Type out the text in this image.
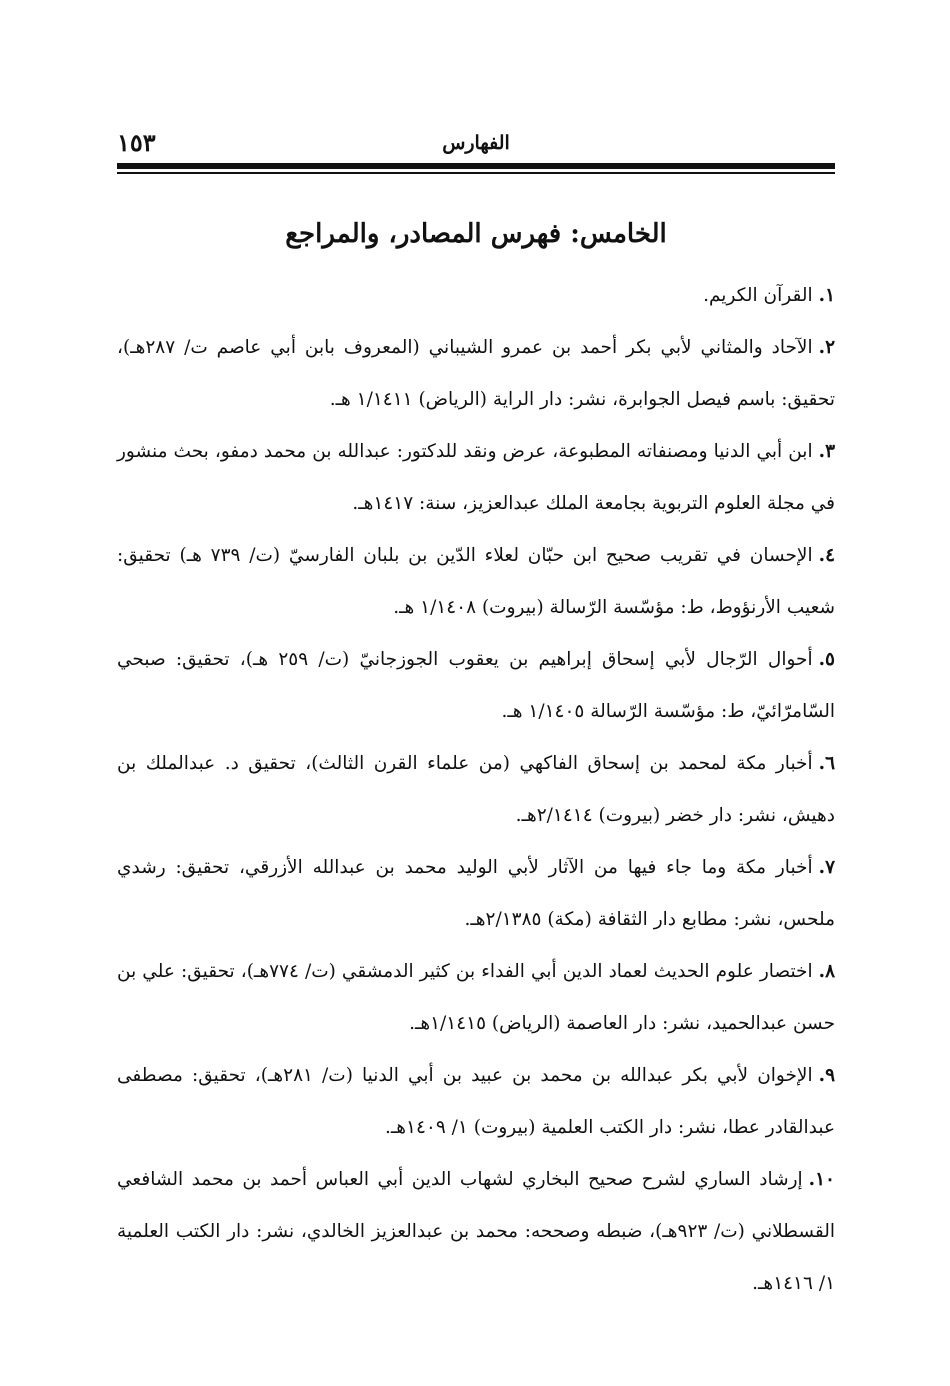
١٥٣	الفهارس
الخامس: فهرس المصادر، والمراجع

١.القرآن الكريم.

٢.الآحاد والمثاني لأبي بكر أحمد بن عمرو الشيباني (المعروف بابن أبي عاصم ت/ ٢٨٧هـ)، تحقيق: باسم فيصل الجوابرة، نشر: دار الراية (الرياض) ١/١٤١١ هـ.

٣.ابن أبي الدنيا ومصنفاته المطبوعة، عرض ونقد للدكتور: عبدالله بن محمد دمفو، بحث منشور في مجلة العلوم التربوية بجامعة الملك عبدالعزيز، سنة: ١٤١٧هـ.

٤.الإحسان في تقريب صحيح ابن حبّان لعلاء الدّين بن بلبان الفارسيّ (ت/ ٧٣٩ هـ) تحقيق: شعيب الأرنؤوط، ط: مؤسّسة الرّسالة (بيروت) ١/١٤٠٨ هـ.

٥.أحوال الرّجال لأبي إسحاق إبراهيم بن يعقوب الجوزجانيّ (ت/ ٢٥٩ هـ)، تحقيق: صبحي السّامرّائيّ، ط: مؤسّسة الرّسالة ١/١٤٠٥ هـ.

٦.أخبار مكة لمحمد بن إسحاق الفاكهي (من علماء القرن الثالث)، تحقيق د. عبدالملك بن دهيش، نشر: دار خضر (بيروت) ٢/١٤١٤هـ.

٧.أخبار مكة وما جاء فيها من الآثار لأبي الوليد محمد بن عبدالله الأزرقي، تحقيق: رشدي ملحس، نشر: مطابع دار الثقافة (مكة) ٢/١٣٨٥هـ.

٨.اختصار علوم الحديث لعماد الدين أبي الفداء بن كثير الدمشقي (ت/ ٧٧٤هـ)، تحقيق: علي بن حسن عبدالحميد، نشر: دار العاصمة (الرياض) ١/١٤١٥هـ.

٩.الإخوان لأبي بكر عبدالله بن محمد بن عبيد بن أبي الدنيا (ت/ ٢٨١هـ)، تحقيق: مصطفى عبدالقادر عطا، نشر: دار الكتب العلمية (بيروت) ١/ ١٤٠٩هـ.

١٠.إرشاد الساري لشرح صحيح البخاري لشهاب الدين أبي العباس أحمد بن محمد الشافعي القسطلاني (ت/ ٩٢٣هـ)، ضبطه وصححه: محمد بن عبدالعزيز الخالدي، نشر: دار الكتب العلمية ١/ ١٤١٦هـ.
